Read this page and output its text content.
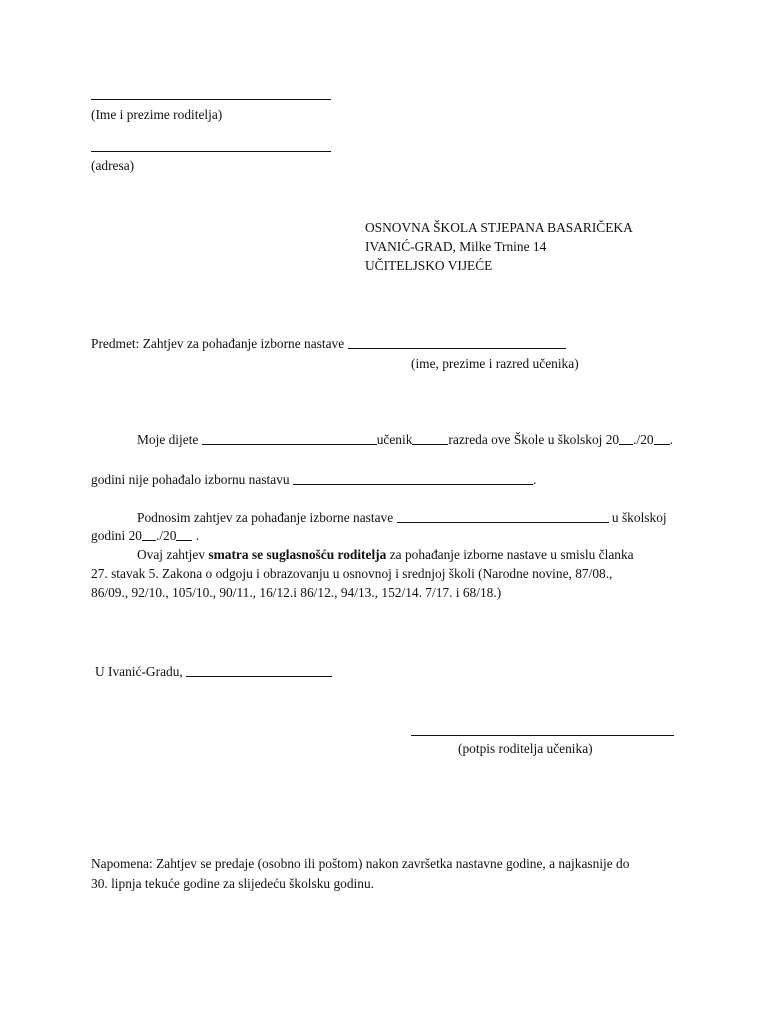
(Ime i prezime roditelja)

(adresa)

OSNOVNA ŠKOLA STJEPANA BASARIČEKA

IVANIĆ-GRAD, Milke Trnine 14

UČITELJSKO VIJEĆE

Predmet: Zahtjev za pohađanje izborne nastave

(ime, prezime i razred učenika)

Moje dijete	učenik	razreda ove Škole u školskoj 20 ./20 .

godini nije pohađalo izbornu nastavu	.

Podnosim zahtjev za pohađanje izborne nastave	u školskoj

godini 20 ./20 .

Ovaj zahtjev smatra se suglasnošću roditelja za pohađanje izborne nastave u smislu članka

27. stavak 5. Zakona o odgoju i obrazovanju u osnovnoj i srednjoj školi (Narodne novine, 87/08.,

86/09., 92/10., 105/10., 90/11., 16/12.i 86/12., 94/13., 152/14. 7/17. i 68/18.)

U Ivanić-Gradu,

(potpis roditelja učenika)

Napomena: Zahtjev se predaje (osobno ili poštom) nakon završetka nastavne godine, a najkasnije do

30. lipnja tekuće godine za slijedeću školsku godinu.
